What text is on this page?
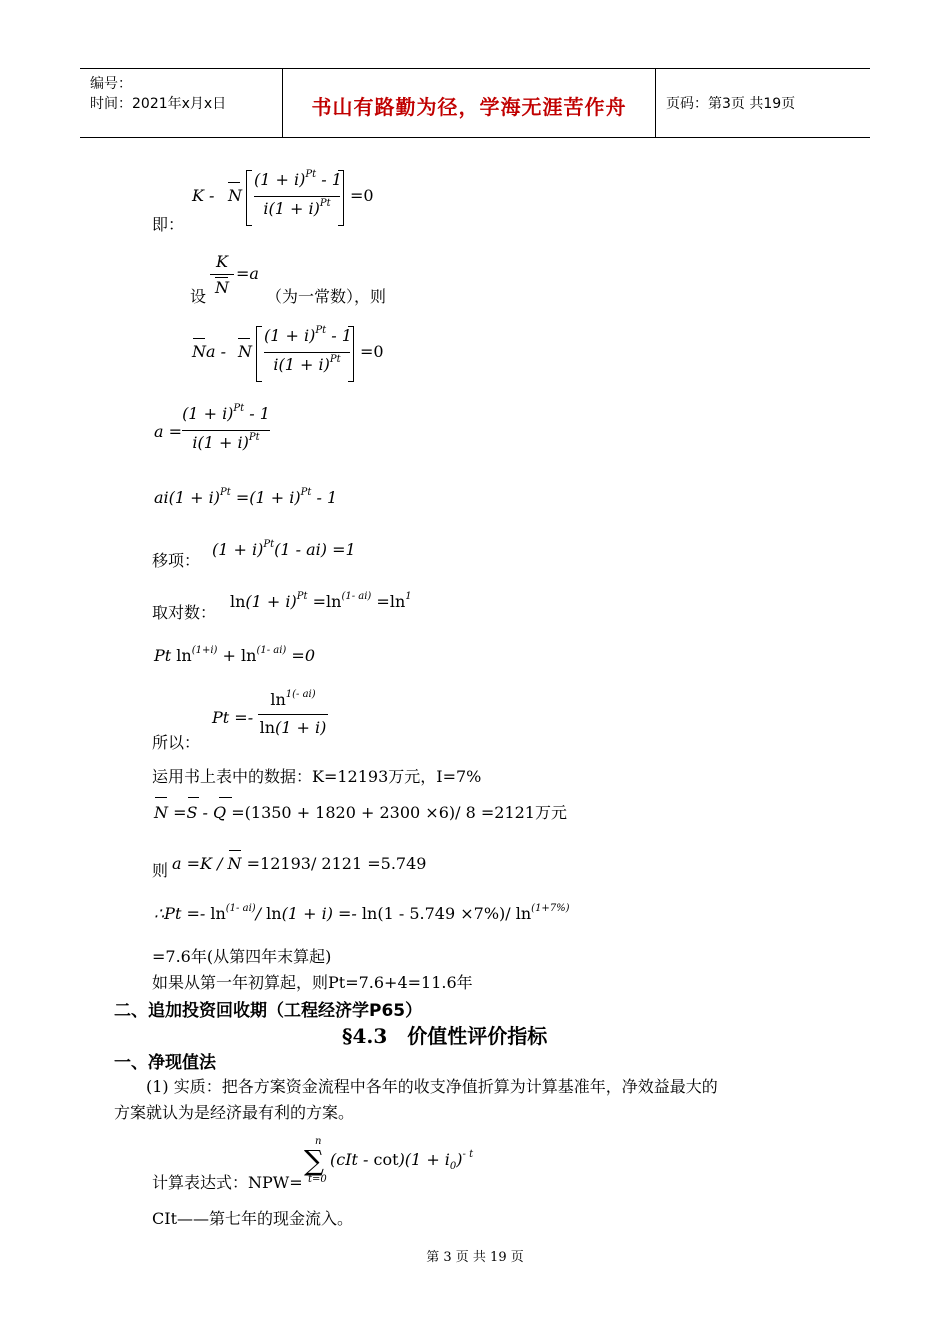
编号：
时间：2021年x月x日	书山有路勤为径，学海无涯苦作舟	页码：第3页 共19页
K - N
$(1 + i)^{Pt} - 1$
$i(1 + i)^{Pt}$	=0
即：
K
N
=a
设	（为一常数），则
Na - N
$(1 + i)^{Pt} - 1$
$i(1 + i)^{Pt}$	=0
a =
$(1 + i)^{Pt} - 1$
$i(1 + i)^{Pt}$
$ai(1 + i)^{Pt} =(1 + i)^{Pt} - 1$
移项：
$(1 + i)^{Pt}(1 - ai) =1$
取对数：
$\ln(1 + i)^{Pt} =\ln^{(1- ai)} =\ln^1$
Pt $\ln^{(1+i)} + \ln^{(1- ai)} =0$
Pt =-
$\ln^{1(- ai)}$
ln(1 + i)
所以：
运用书上表中的数据：K=12193万元，I=7%
N =S - Q =(1350 + 1820 + 2300 ×6)/ 8 =2121万元
则 a =K / N =12193/ 2121 =5.749
∴Pt =- $\ln^{(1- ai)}/$ ln(1 + i) =- ln(1 - 5.749 ×7%)/ $\ln^{(1+7\%)}$
=7.6年(从第四年末算起)
如果从第一年初算起，则Pt=7.6+4=11.6年
二、追加投资回收期（工程经济学P65）
§4.3　价值性评价指标
一、净现值法
(1) 实质：把各方案资金流程中各年的收支净值折算为计算基准年，净效益最大的
方案就认为是经济最有利的方案。
计算表达式：NPW=
n
∑
t=0
$(cIt - \cot)(1 + i_0)^{- t}$
CIt——第七年的现金流入。
第 3 页 共 19 页
